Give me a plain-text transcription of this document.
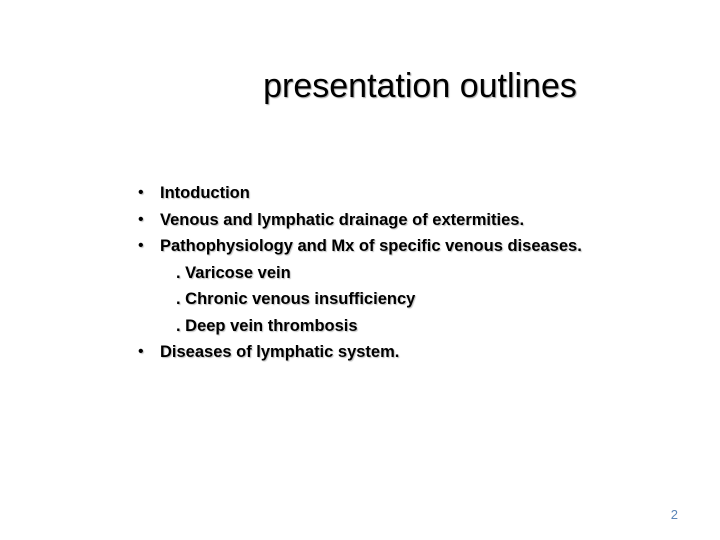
presentation outlines
• Intoduction
• Venous and lymphatic drainage of extermities.
• Pathophysiology and Mx of specific venous diseases.
. Varicose vein
. Chronic venous insufficiency
. Deep vein thrombosis
• Diseases of lymphatic system.
2
